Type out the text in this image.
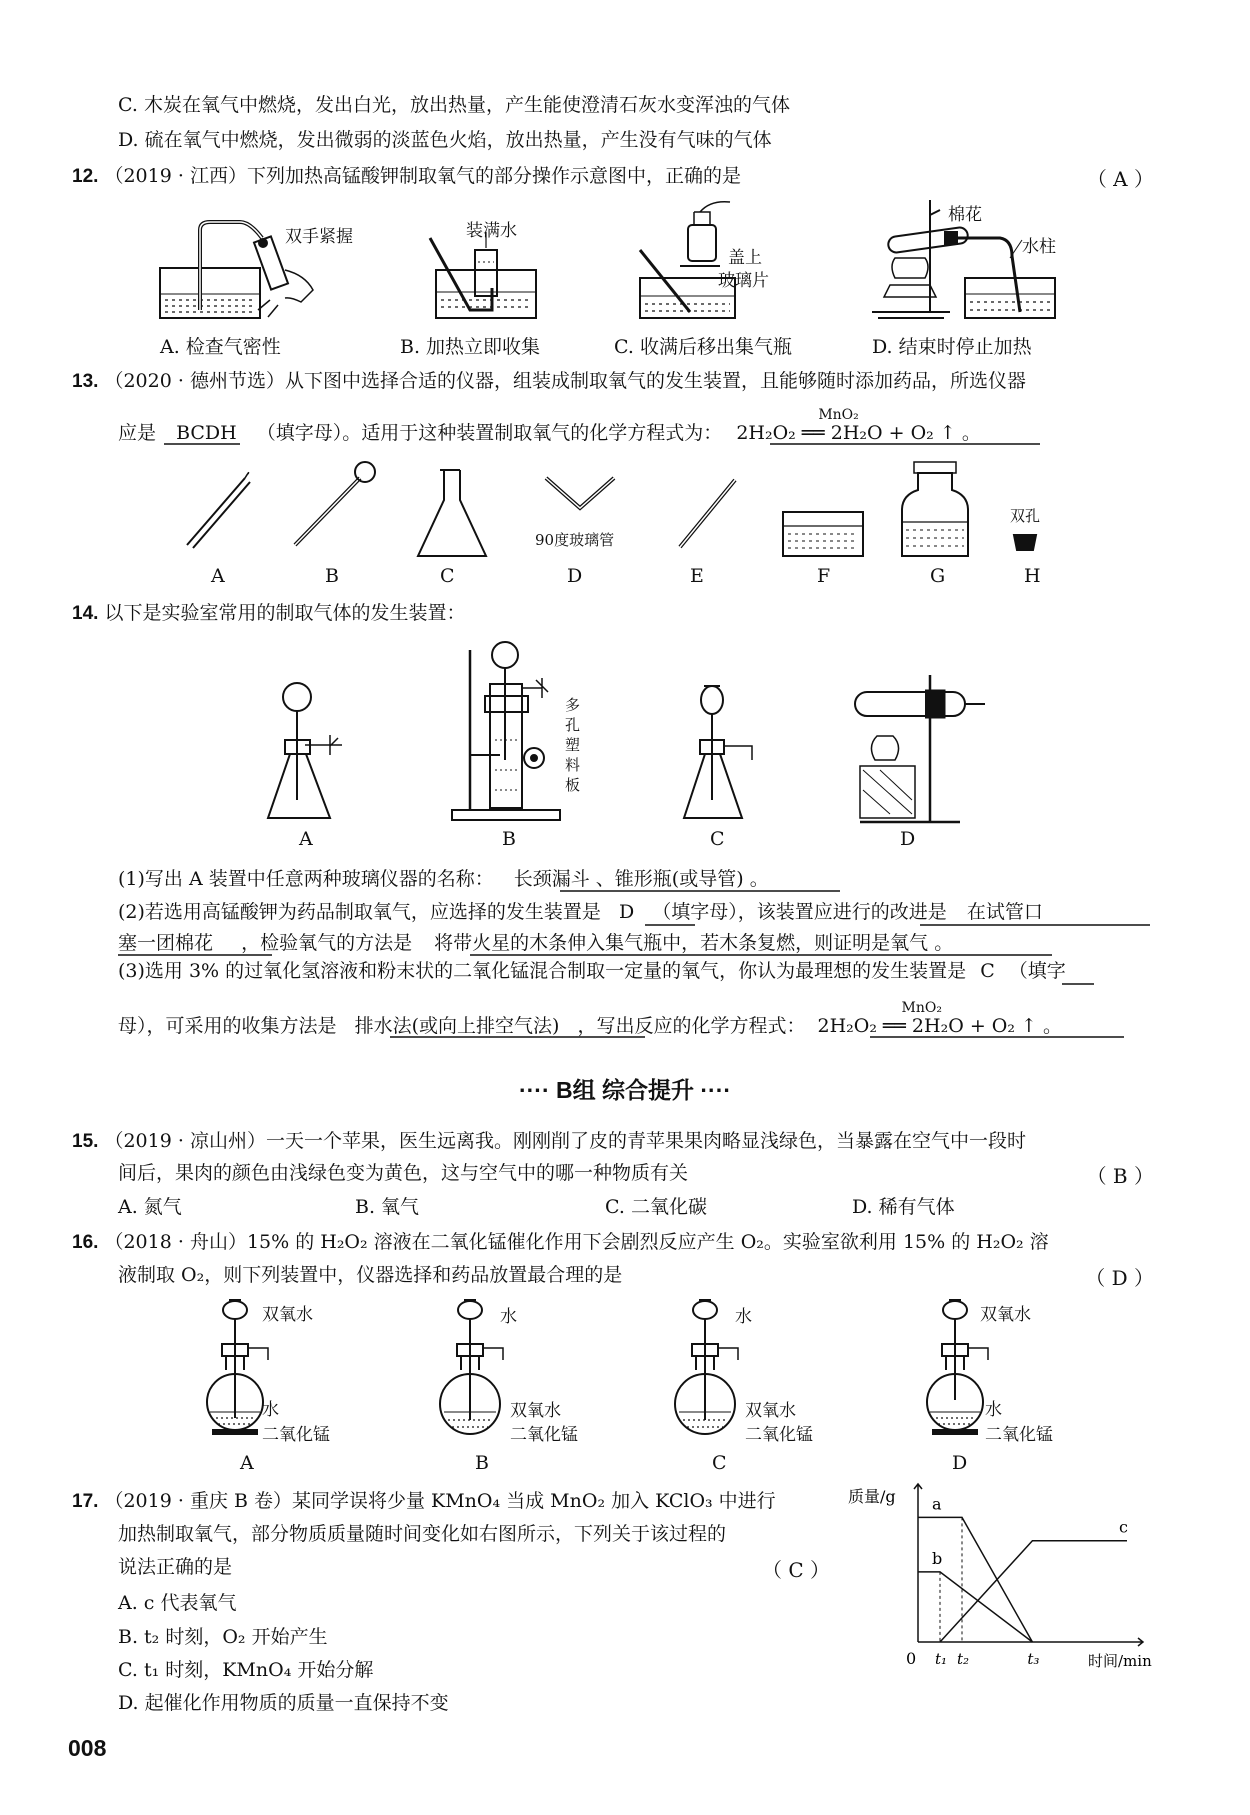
C. 木炭在氧气中燃烧，发出白光，放出热量，产生能使澄清石灰水变浑浊的气体
D. 硫在氧气中燃烧，发出微弱的淡蓝色火焰，放出热量，产生没有气味的气体
12. （2019 · 江西）下列加热高锰酸钾制取氧气的部分操作示意图中，正确的是	（ A ）
a
b
c
质量/g
时间/min
0 t₁ t₂	t₃
双手紧握	装满水
盖上
玻璃片
棉花
水柱
A. 检查气密性	B. 加热立即收集	C. 收满后移出集气瓶	D. 结束时停止加热
13. （2020 · 德州节选）从下图中选择合适的仪器，组装成制取氧气的发生装置，且能够随时添加药品，所选仪器
应是 BCDH （填字母）。适用于这种装置制取氧气的化学方程式为：
MnO₂
2H₂O₂ ══ 2H₂O + O₂ ↑ 。
90度玻璃管
双孔
A	B	C	D	E	F	G	H
14. 以下是实验室常用的制取气体的发生装置：
多
孔
塑
料
板
A	B	C	D
(1)写出 A 装置中任意两种玻璃仪器的名称： 长颈漏斗 、锥形瓶(或导管) 。
(2)若选用高锰酸钾为药品制取氧气，应选择的发生装置是 D （填字母），该装置应进行的改进是 在试管口
塞一团棉花 ，检验氧气的方法是 将带火星的木条伸入集气瓶中，若木条复燃，则证明是氧气 。
(3)选用 3% 的过氧化氢溶液和粉末状的二氧化锰混合制取一定量的氧气，你认为最理想的发生装置是 C （填字
母），可采用的收集方法是 排水法(或向上排空气法) ，写出反应的化学方程式：
MnO₂
2H₂O₂ ══ 2H₂O + O₂ ↑ 。
···· B组 综合提升 ····
15. （2019 · 凉山州）一天一个苹果，医生远离我。刚刚削了皮的青苹果果肉略显浅绿色，当暴露在空气中一段时
间后，果肉的颜色由浅绿色变为黄色，这与空气中的哪一种物质有关	（ B ）
A. 氮气	B. 氧气	C. 二氧化碳	D. 稀有气体
16. （2018 · 舟山）15% 的 H₂O₂ 溶液在二氧化锰催化作用下会剧烈反应产生 O₂。实验室欲利用 15% 的 H₂O₂ 溶
液制取 O₂，则下列装置中，仪器选择和药品放置最合理的是	（ D ）
双氧水
水
二氧化锰
水
双氧水
二氧化锰
水
双氧水
二氧化锰
双氧水
水
二氧化锰
A	B	C	D
17. （2019 · 重庆 B 卷）某同学误将少量 KMnO₄ 当成 MnO₂ 加入 KClO₃ 中进行
加热制取氧气，部分物质质量随时间变化如右图所示，下列关于该过程的
说法正确的是	（ C ）
A. c 代表氧气
B. t₂ 时刻，O₂ 开始产生
C. t₁ 时刻，KMnO₄ 开始分解
D. 起催化作用物质的质量一直保持不变
008
